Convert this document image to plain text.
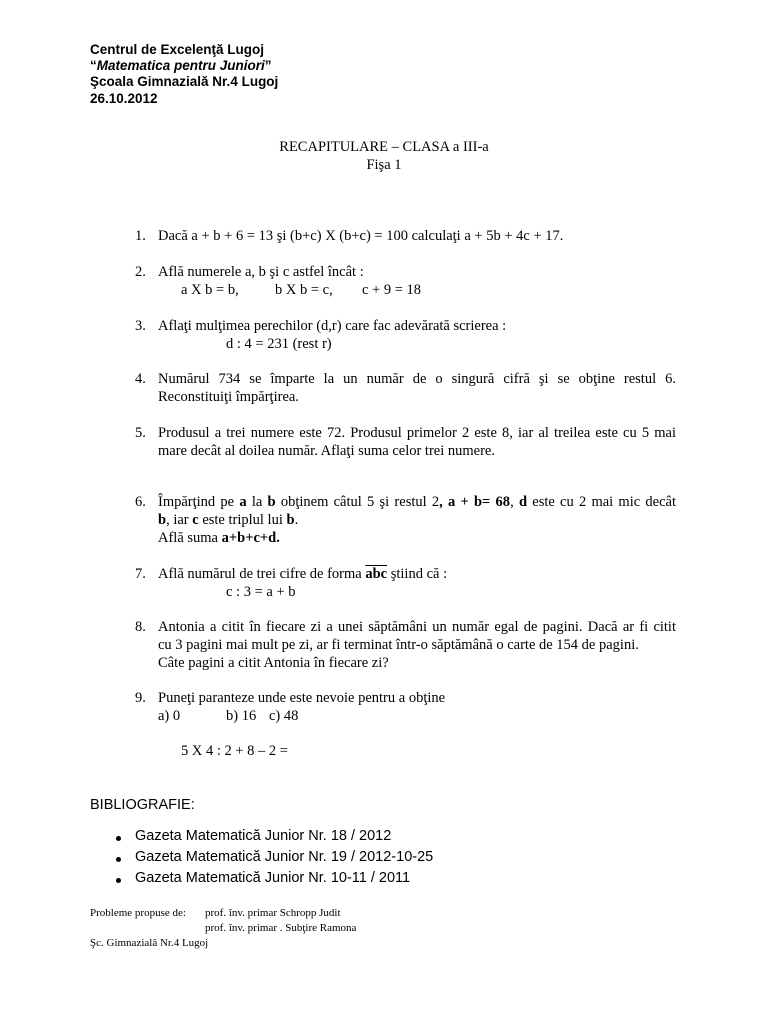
Centrul de Excelenţă Lugoj
“Matematica pentru Juniori”
Şcoala Gimnazială Nr.4 Lugoj
26.10.2012
RECAPITULARE – CLASA a III-a
Fişa 1
1. Dacă a + b + 6 = 13 şi (b+c) X (b+c) = 100 calculaţi a + 5b + 4c + 17.
2. Află numerele a, b şi c astfel încât :
a X b = b,	b X b = c, c + 9 = 18
3. Aflaţi mulţimea perechilor (d,r) care fac adevărată scrierea :
d : 4 = 231 (rest r)
4. Numărul 734 se împarte la un număr de o singură cifră şi se obţine restul 6.
Reconstituiţi împărţirea.
5. Produsul a trei numere este 72. Produsul primelor 2 este 8, iar al treilea este cu 5 mai
mare decât al doilea număr. Aflaţi suma celor trei numere.
6. Împărţind pe a la b obţinem câtul 5 şi restul 2, a + b= 68, d este cu 2 mai mic decât
b, iar c este triplul lui b.
Află suma a+b+c+d.
7. Află numărul de trei cifre de forma $\overline{abc}$ ştiind că :
c : 3 = a + b
8. Antonia a citit în fiecare zi a unei săptămâni un număr egal de pagini. Dacă ar fi citit
cu 3 pagini mai mult pe zi, ar fi terminat într-o săptămână o carte de 154 de pagini.
Câte pagini a citit Antonia în fiecare zi?
9. Puneţi paranteze unde este nevoie pentru a obţine
a) 0	b) 16 c) 48
5 X 4 : 2 + 8 – 2 =
BIBLIOGRAFIE:
Gazeta Matematică Junior Nr. 18 / 2012
Gazeta Matematică Junior Nr. 19 / 2012-10-25
Gazeta Matematică Junior Nr. 10-11 / 2011
Probleme propuse de: prof. înv. primar Schropp Judit
prof. înv. primar . Subţire Ramona
Şc. Gimnazială Nr.4 Lugoj
